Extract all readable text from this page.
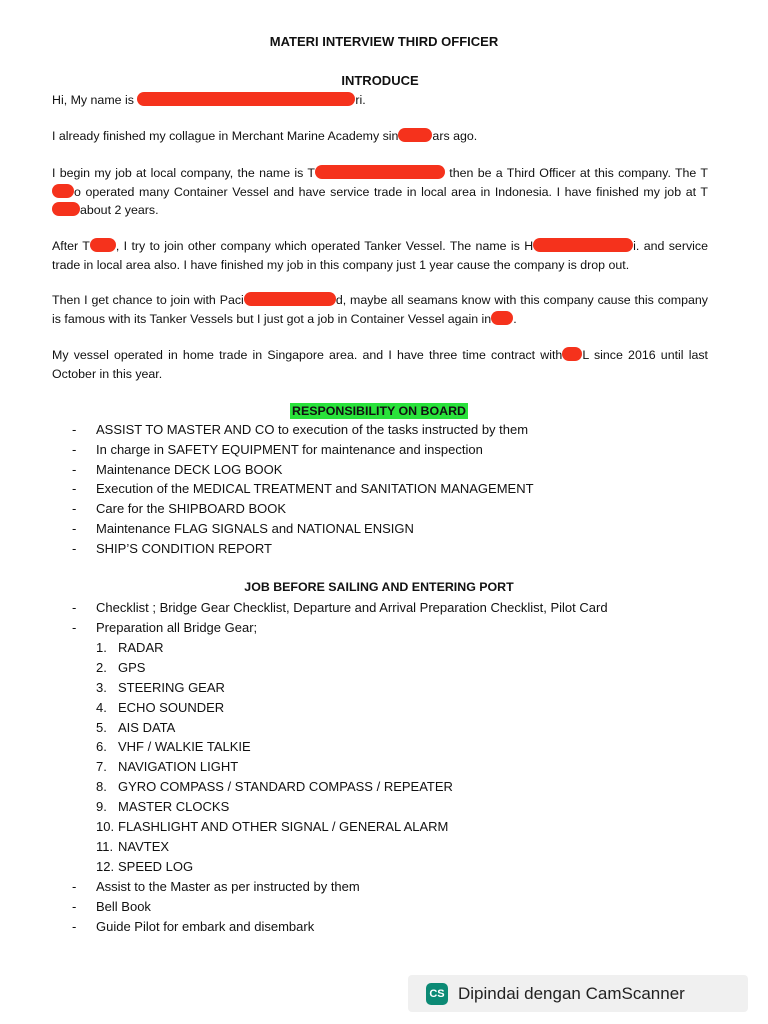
MATERI INTERVIEW THIRD OFFICER
INTRODUCE
Hi, My name is	ri.
I already finished my collague in Merchant Marine Academy sin	ars ago.
I begin my job at local company, the name is T	then be a Third Officer at this company. The To operated many Container Vessel and have service trade in local area in Indonesia. I have finished my job at Tabout 2 years.
After T , I try to join other company which operated Tanker Vessel. The name is H	i. and service trade in local area also. I have finished my job in this company just 1 year cause the company is drop out.
Then I get chance to join with Paci	d, maybe all seamans know with this company cause this company is famous with its Tanker Vessels but I just got a job in Container Vessel again in .
My vessel operated in home trade in Singapore area. and I have three time contract with L since 2016 until last October in this year.
RESPONSIBILITY ON BOARD
- ASSIST TO MASTER AND CO to execution of the tasks instructed by them
- In charge in SAFETY EQUIPMENT for maintenance and inspection
- Maintenance DECK LOG BOOK
- Execution of the MEDICAL TREATMENT and SANITATION MANAGEMENT
- Care for the SHIPBOARD BOOK
- Maintenance FLAG SIGNALS and NATIONAL ENSIGN
- SHIP’S CONDITION REPORT
JOB BEFORE SAILING AND ENTERING PORT
- Checklist ; Bridge Gear Checklist, Departure and Arrival Preparation Checklist, Pilot Card
- Preparation all Bridge Gear;
1. RADAR
2. GPS
3. STEERING GEAR
4. ECHO SOUNDER
5. AIS DATA
6. VHF / WALKIE TALKIE
7. NAVIGATION LIGHT
8. GYRO COMPASS / STANDARD COMPASS / REPEATER
9. MASTER CLOCKS
10. FLASHLIGHT AND OTHER SIGNAL / GENERAL ALARM
11. NAVTEX
12. SPEED LOG
- Assist to the Master as per instructed by them
- Bell Book
- Guide Pilot for embark and disembark
CS Dipindai dengan CamScanner
